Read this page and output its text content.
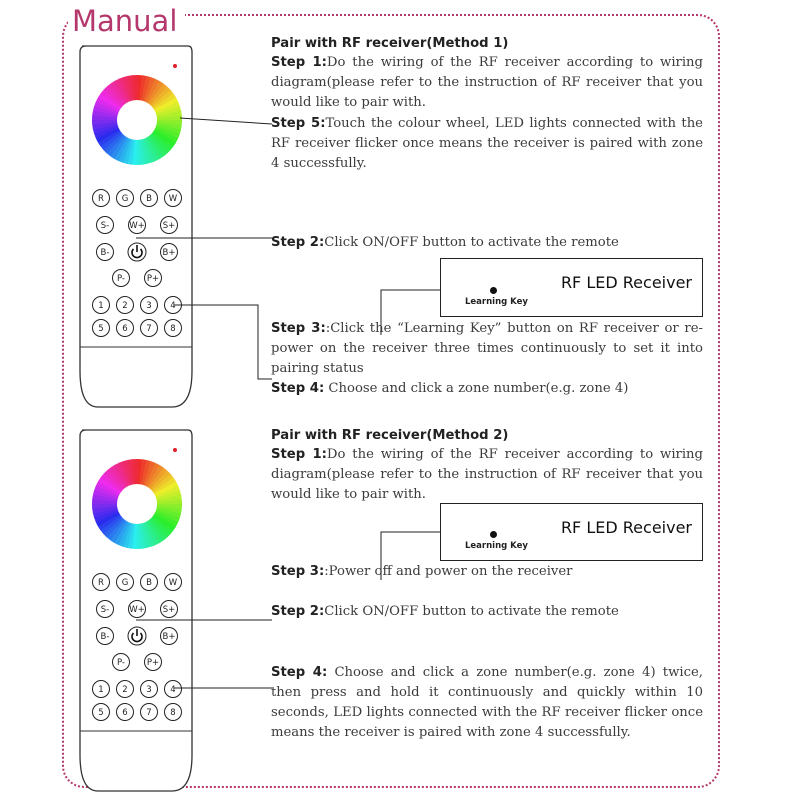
Manual
R G B W
S- W+ S+
B-	B+
P-	P+
1 2 3 4
5 6 7 8
R G B W
S- W+ S+
B-	B+
P-	P+
1 2 3 4
5 6 7 8
Pair with RF receiver(Method 1)
Step 1:Do the wiring of the RF receiver according to wiring diagram(please refer to the instruction of RF receiver that you would like to pair with.
Step 5:Touch the colour wheel, LED lights connected with the RF receiver flicker once means the receiver is paired with zone 4 successfully.
Step 2:Click ON/OFF button to activate the remote
RF LED Receiver
Learning Key
Step 3::Click the “Learning Key” button on RF receiver or re-power on the receiver three times continuously to set it into pairing status
Step 4: Choose and click a zone number(e.g. zone 4)
Pair with RF receiver(Method 2)
Step 1:Do the wiring of the RF receiver according to wiring diagram(please refer to the instruction of RF receiver that you would like to pair with.
RF LED Receiver
Learning Key
Step 3::Power off and power on the receiver
Step 2:Click ON/OFF button to activate the remote
Step 4: Choose and click a zone number(e.g. zone 4) twice, then press and hold it continuously and quickly within 10 seconds, LED lights connected with the RF receiver flicker once means the receiver is paired with zone 4 successfully.
